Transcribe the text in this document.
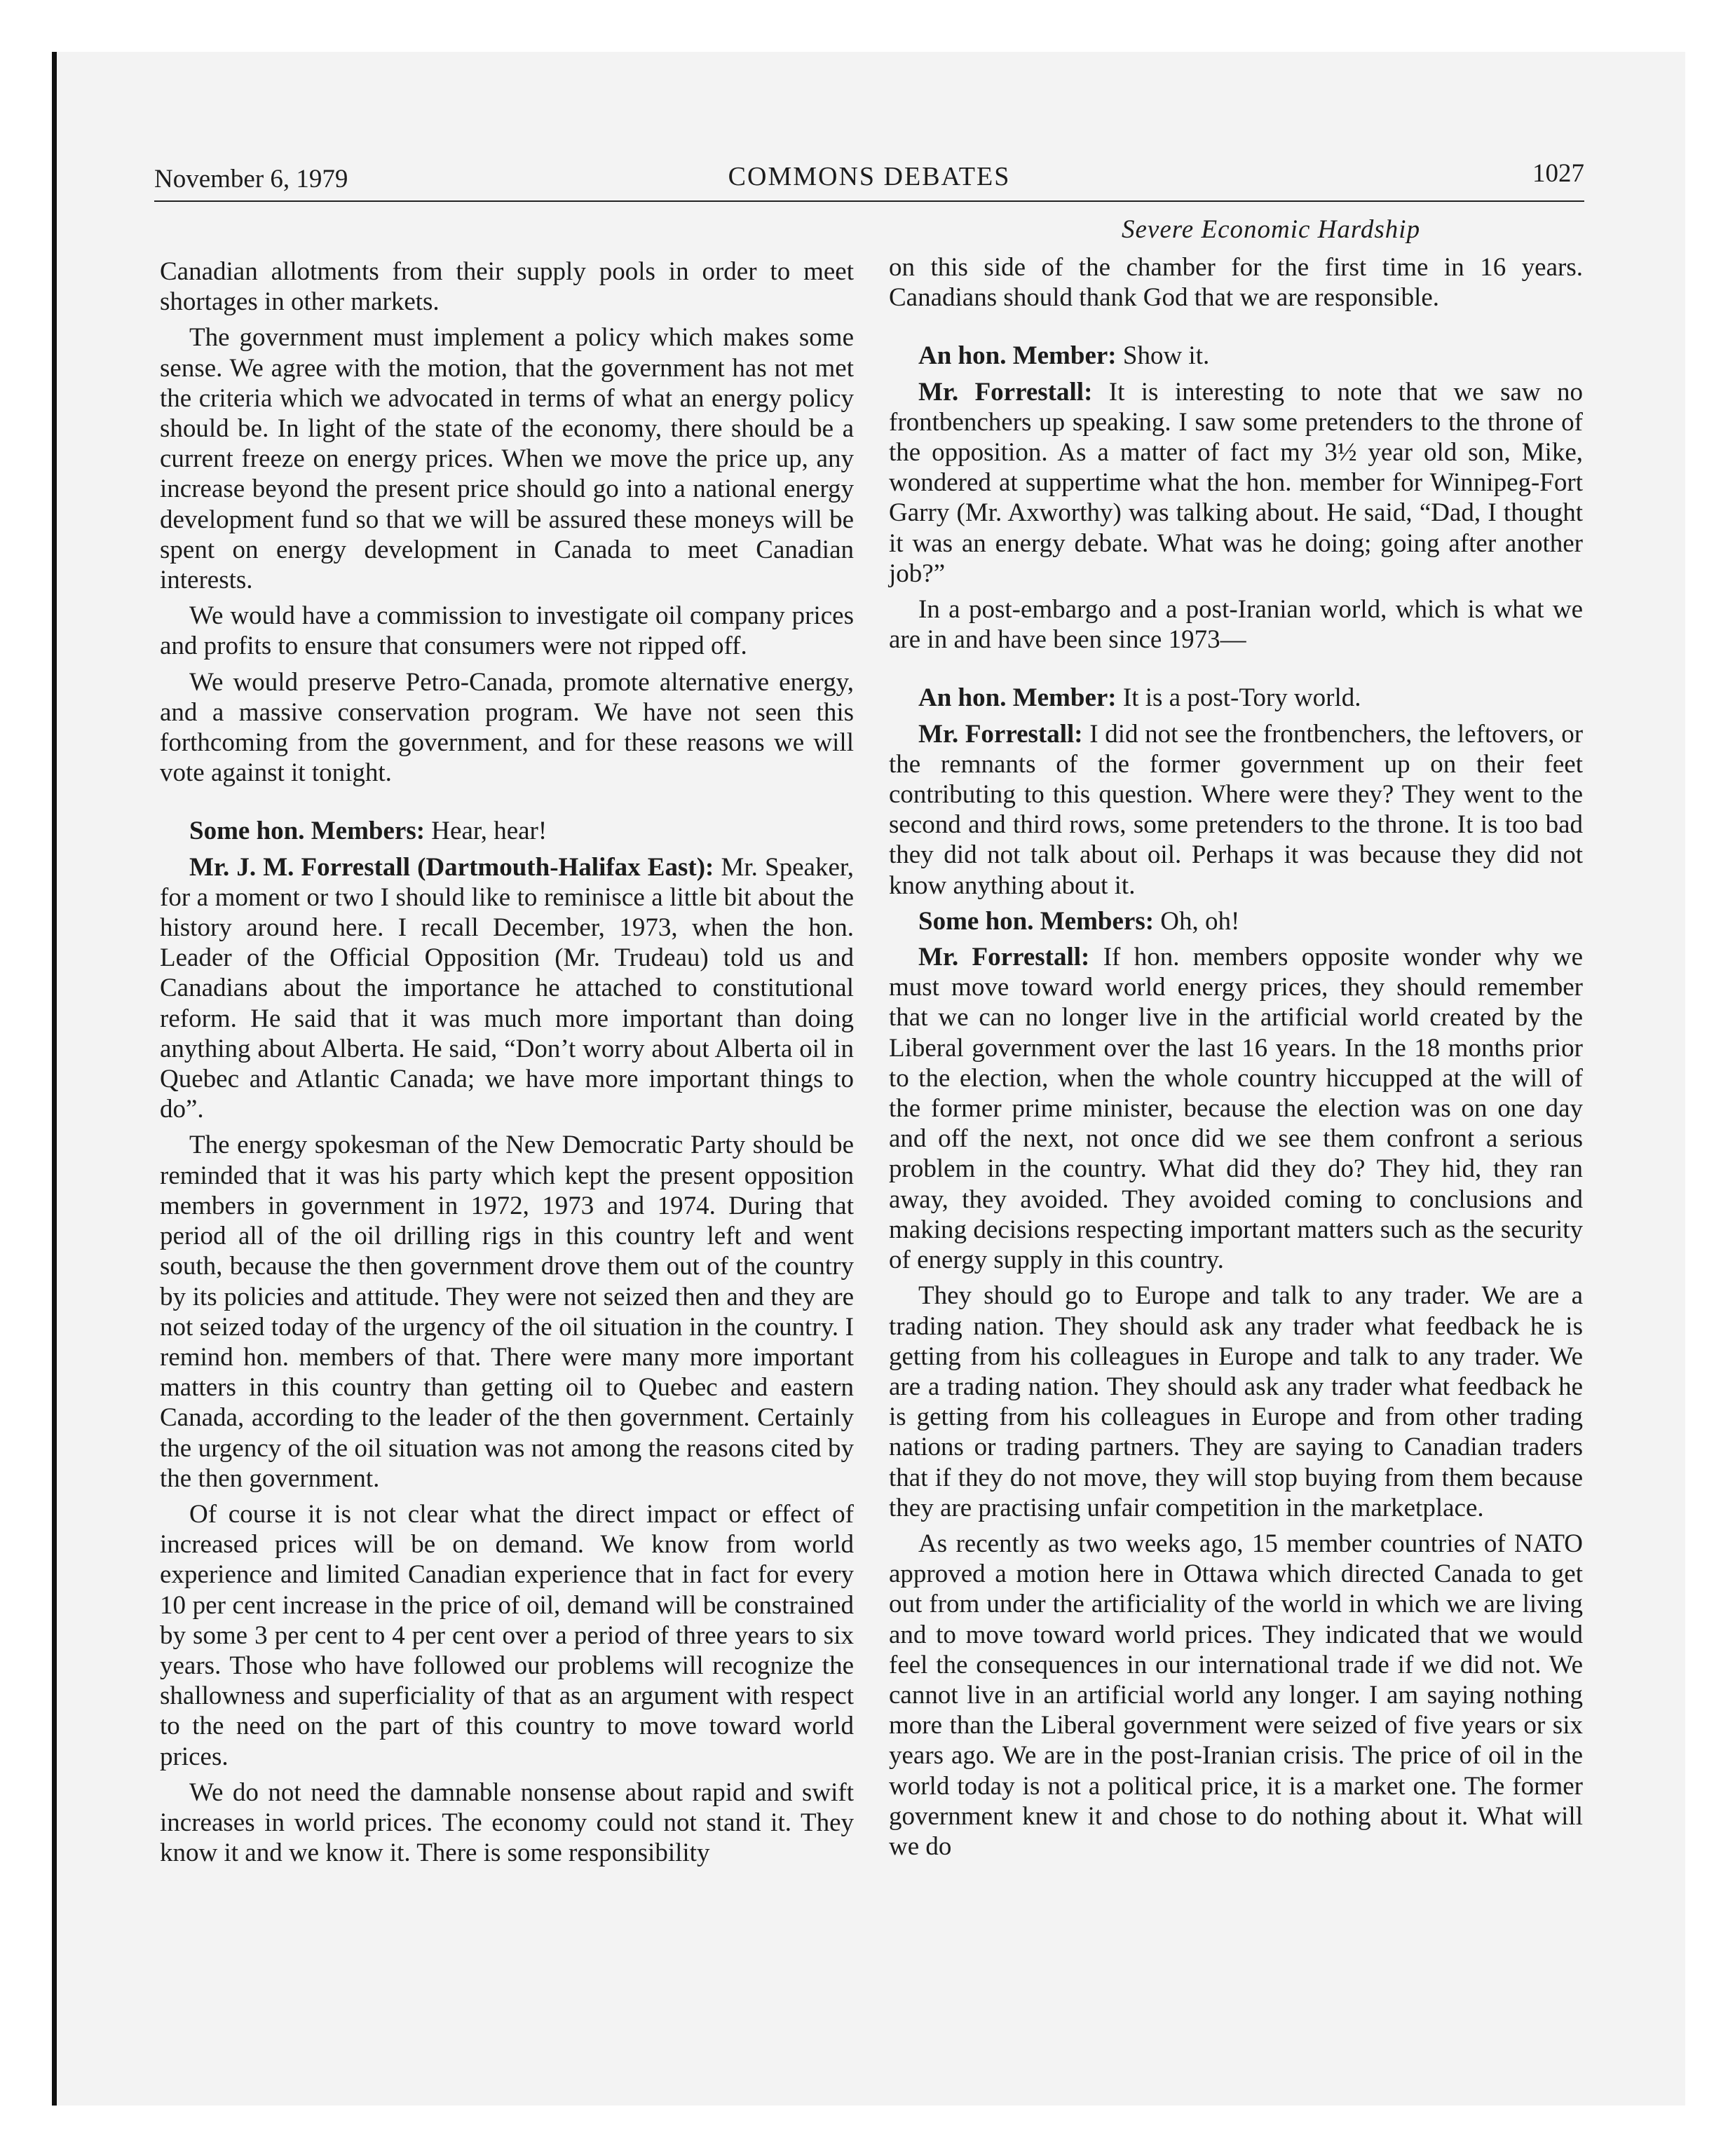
November 6, 1979	COMMONS DEBATES	1027
Severe Economic Hardship

Canadian allotments from their supply pools in order to meet shortages in other markets.

The government must implement a policy which makes some sense. We agree with the motion, that the government has not met the criteria which we advocated in terms of what an energy policy should be. In light of the state of the economy, there should be a current freeze on energy prices. When we move the price up, any increase beyond the present price should go into a national energy development fund so that we will be assured these moneys will be spent on energy development in Canada to meet Canadian interests.

We would have a commission to investigate oil company prices and profits to ensure that consumers were not ripped off.

We would preserve Petro-Canada, promote alternative energy, and a massive conservation program. We have not seen this forthcoming from the government, and for these reasons we will vote against it tonight.

Some hon. Members: Hear, hear!

Mr. J. M. Forrestall (Dartmouth-Halifax East): Mr. Speaker, for a moment or two I should like to reminisce a little bit about the history around here. I recall December, 1973, when the hon. Leader of the Official Opposition (Mr. Trudeau) told us and Canadians about the importance he attached to constitutional reform. He said that it was much more important than doing anything about Alberta. He said, “Don’t worry about Alberta oil in Quebec and Atlantic Canada; we have more important things to do”.

The energy spokesman of the New Democratic Party should be reminded that it was his party which kept the present opposition members in government in 1972, 1973 and 1974. During that period all of the oil drilling rigs in this country left and went south, because the then government drove them out of the country by its policies and attitude. They were not seized then and they are not seized today of the urgency of the oil situation in the country. I remind hon. members of that. There were many more important matters in this country than getting oil to Quebec and eastern Canada, according to the leader of the then government. Certainly the urgency of the oil situation was not among the reasons cited by the then government.

Of course it is not clear what the direct impact or effect of increased prices will be on demand. We know from world experience and limited Canadian experience that in fact for every 10 per cent increase in the price of oil, demand will be constrained by some 3 per cent to 4 per cent over a period of three years to six years. Those who have followed our problems will recognize the shallowness and superficiality of that as an argument with respect to the need on the part of this country to move toward world prices.

We do not need the damnable nonsense about rapid and swift increases in world prices. The economy could not stand it. They know it and we know it. There is some responsibility

on this side of the chamber for the first time in 16 years. Canadians should thank God that we are responsible.

An hon. Member: Show it.

Mr. Forrestall: It is interesting to note that we saw no frontbenchers up speaking. I saw some pretenders to the throne of the opposition. As a matter of fact my 3½ year old son, Mike, wondered at suppertime what the hon. member for Winnipeg-Fort Garry (Mr. Axworthy) was talking about. He said, “Dad, I thought it was an energy debate. What was he doing; going after another job?”

In a post-embargo and a post-Iranian world, which is what we are in and have been since 1973—

An hon. Member: It is a post-Tory world.

Mr. Forrestall: I did not see the frontbenchers, the leftovers, or the remnants of the former government up on their feet contributing to this question. Where were they? They went to the second and third rows, some pretenders to the throne. It is too bad they did not talk about oil. Perhaps it was because they did not know anything about it.

Some hon. Members: Oh, oh!

Mr. Forrestall: If hon. members opposite wonder why we must move toward world energy prices, they should remember that we can no longer live in the artificial world created by the Liberal government over the last 16 years. In the 18 months prior to the election, when the whole country hiccupped at the will of the former prime minister, because the election was on one day and off the next, not once did we see them confront a serious problem in the country. What did they do? They hid, they ran away, they avoided. They avoided coming to conclusions and making decisions respecting important matters such as the security of energy supply in this country.

They should go to Europe and talk to any trader. We are a trading nation. They should ask any trader what feedback he is getting from his colleagues in Europe and talk to any trader. We are a trading nation. They should ask any trader what feedback he is getting from his colleagues in Europe and from other trading nations or trading partners. They are saying to Canadian traders that if they do not move, they will stop buying from them because they are practising unfair competition in the marketplace.

As recently as two weeks ago, 15 member countries of NATO approved a motion here in Ottawa which directed Canada to get out from under the artificiality of the world in which we are living and to move toward world prices. They indicated that we would feel the consequences in our international trade if we did not. We cannot live in an artificial world any longer. I am saying nothing more than the Liberal government were seized of five years or six years ago. We are in the post-Iranian crisis. The price of oil in the world today is not a political price, it is a market one. The former government knew it and chose to do nothing about it. What will we do
